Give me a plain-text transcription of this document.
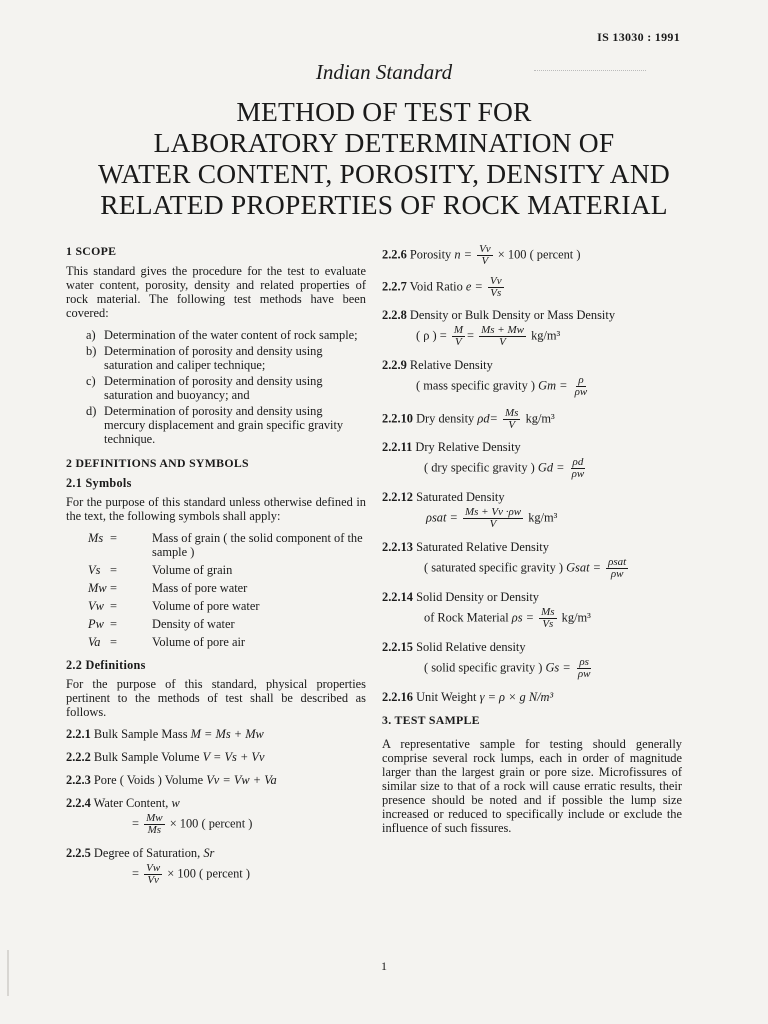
IS 13030 : 1991
Indian Standard
METHOD OF TEST FOR
LABORATORY DETERMINATION OF
WATER CONTENT, POROSITY, DENSITY AND
RELATED PROPERTIES OF ROCK MATERIAL
1 SCOPE

This standard gives the procedure for the test to evaluate water content, porosity, density and related properties of rock material. The following test methods have been covered:

a) Determination of the water content of rock sample;
b) Determination of porosity and density using saturation and caliper technique;
c) Determination of porosity and density using saturation and buoyancy; and
d) Determination of porosity and density using mercury displacement and grain specific gravity technique.
2 DEFINITIONS AND SYMBOLS
2.1 Symbols

For the purpose of this standard unless otherwise defined in the text, the following symbols shall apply:

Ms =	Mass of grain ( the solid component of the sample )
Vs =	Volume of grain
Mw =	Mass of pore water
Vw =	Volume of pore water
Pw =	Density of water
Va =	Volume of pore air
2.2 Definitions

For the purpose of this standard, physical properties pertinent to the methods of test shall be described as follows.

2.2.1 Bulk Sample Mass M = Ms + Mw
2.2.2 Bulk Sample Volume V = Vs + Vv
2.2.3 Pore ( Voids ) Volume Vv = Vw + Va
2.2.4 Water Content, w
= $\frac{Mw}{Ms} \times 100$ ( percent )
2.2.5 Degree of Saturation, Sr
= $\frac{Vw}{Vv} \times 100$ ( percent )
2.2.6 Porosity $n = \frac{Vv}{V} \times 100$ ( percent )
2.2.7 Void Ratio $e = \frac{Vv}{Vs}$
2.2.8 Density or Bulk Density or Mass Density
( ρ ) = $\frac{M}{V} = \frac{Ms + Mw}{V} kg/m^3$
2.2.9 Relative Density
( mass specific gravity ) $Gm = \frac{\rho}{\rho w}$
2.2.10 Dry density $\rho d= \frac{Ms}{V} kg/m^3$
2.2.11 Dry Relative Density
( dry specific gravity ) $Gd = \frac{\rho d}{\rho w}$
2.2.12 Saturated Density
$\rho sat = \frac{Ms + Vv \cdot\rho w}{V} kg/m^3$
2.2.13 Saturated Relative Density
( saturated specific gravity ) Gsat = $\frac{\text{ρsat}}{\rho w}$
2.2.14 Solid Density or Density
of Rock Material $\rho s = \frac{Ms}{Vs} kg/m^3$
2.2.15 Solid Relative density
( solid specific gravity ) $Gs = \frac{\rho s}{\rho w}$
2.2.16 Unit Weight γ = ρ × g N/m³
3. TEST SAMPLE

A representative sample for testing should generally comprise several rock lumps, each in order of magnitude larger than the largest grain or pore size. Microfissures of similar size to that of a rock will cause erratic results, their presence should be noted and if possible the lump size increased or reduced to specifically include or exclude the influence of such fissures.

1
